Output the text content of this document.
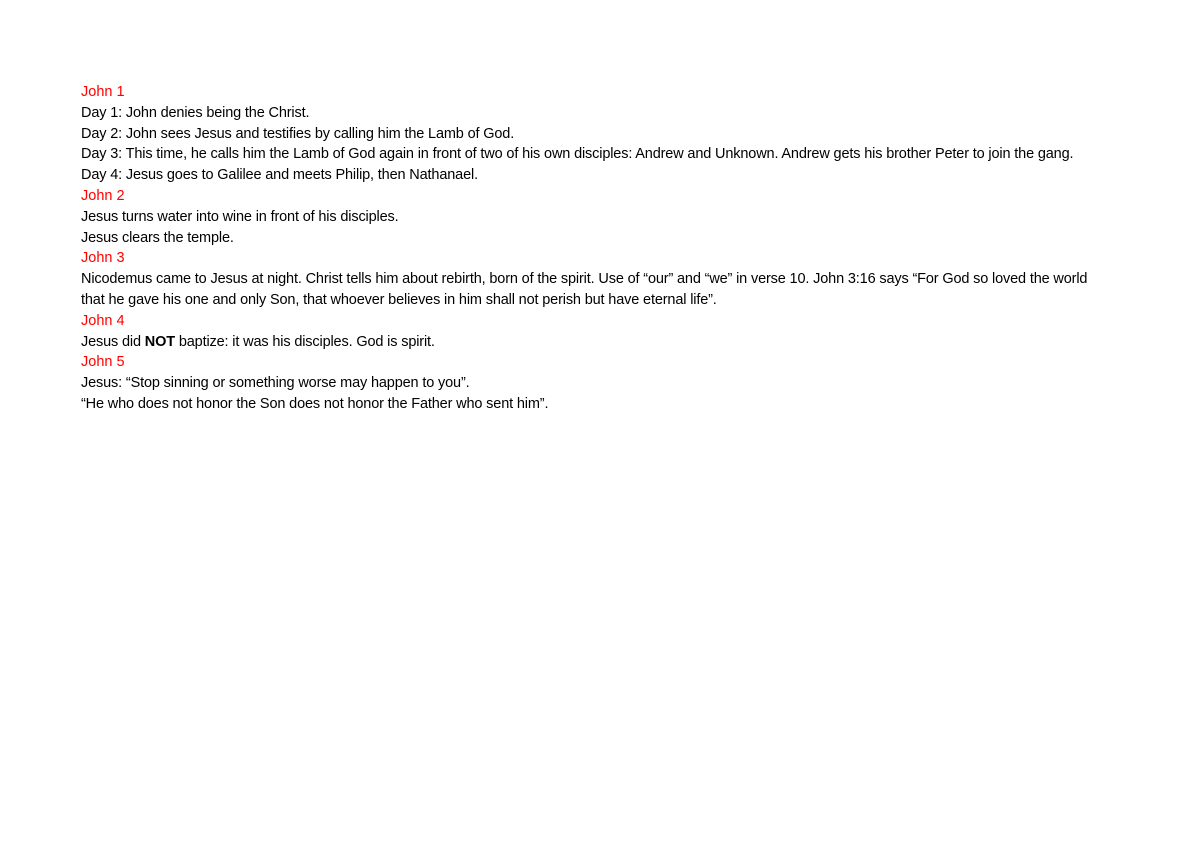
John 1

Day 1: John denies being the Christ.

Day 2: John sees Jesus and testifies by calling him the Lamb of God.

Day 3: This time, he calls him the Lamb of God again in front of two of his own disciples: Andrew and Unknown. Andrew gets his brother Peter to join the gang.

Day 4: Jesus goes to Galilee and meets Philip, then Nathanael.

John 2

Jesus turns water into wine in front of his disciples.

Jesus clears the temple.

John 3

Nicodemus came to Jesus at night. Christ tells him about rebirth, born of the spirit. Use of “our” and “we” in verse 10. John 3:16 says “For God so loved the world that he gave his one and only Son, that whoever believes in him shall not perish but have eternal life”.

John 4

Jesus did NOT baptize: it was his disciples. God is spirit.

John 5

Jesus: “Stop sinning or something worse may happen to you”.

“He who does not honor the Son does not honor the Father who sent him”.
